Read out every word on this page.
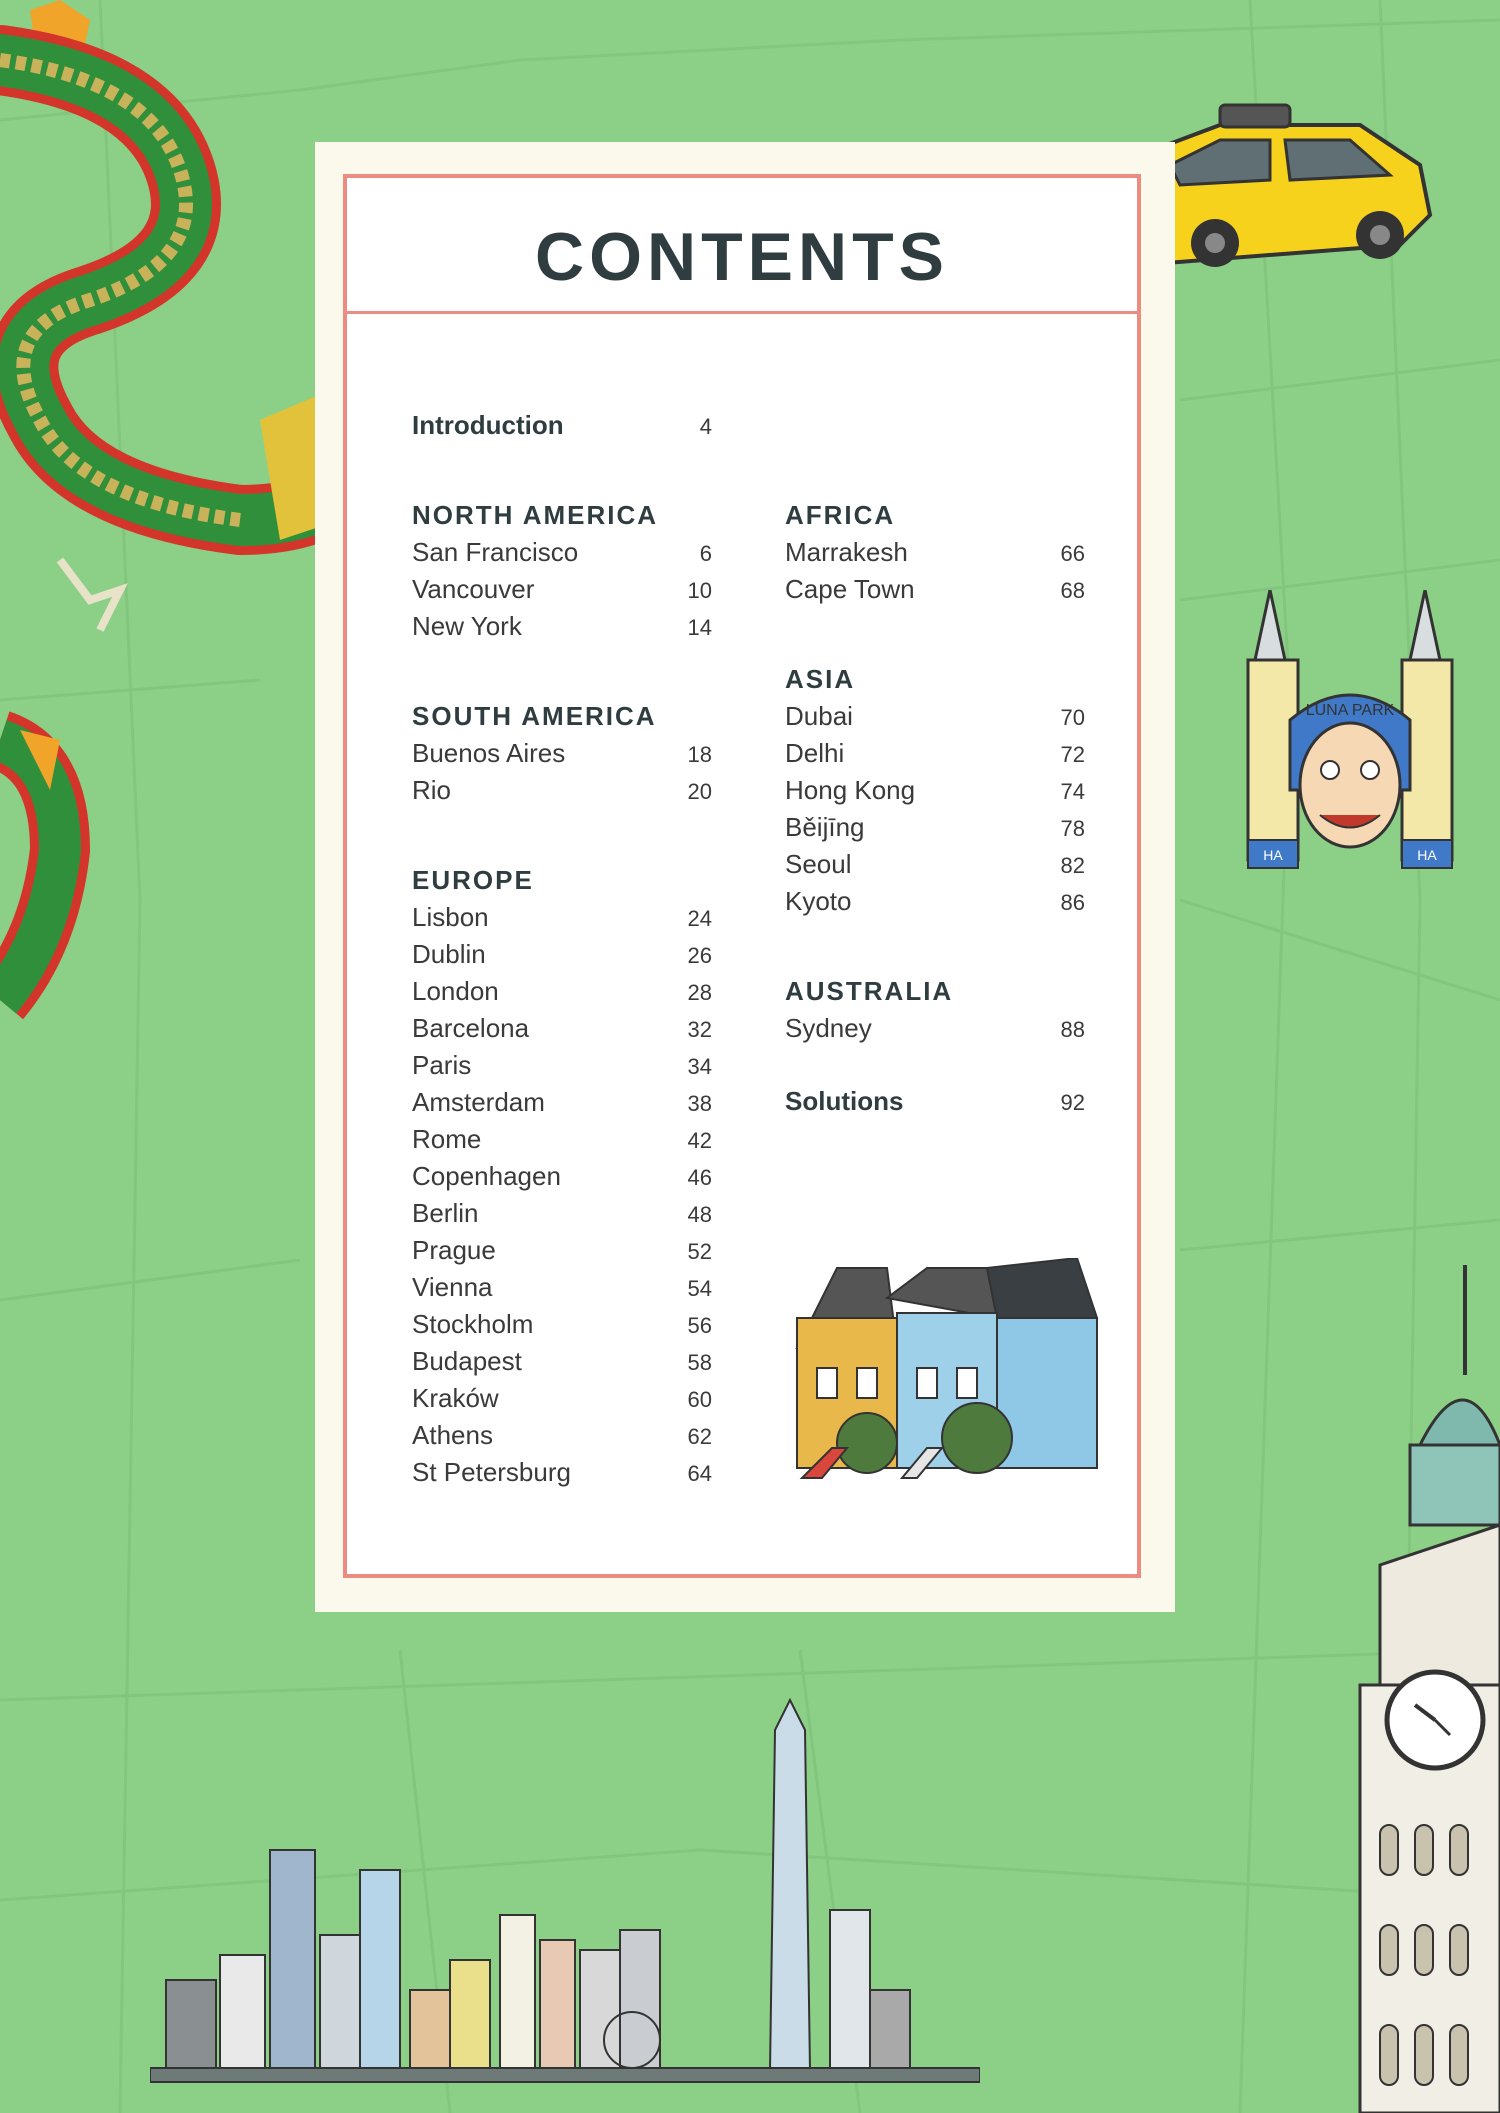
LUNA PARK
HA	HA
CONTENTS
Introduction	4
NORTH AMERICA
San Francisco	6
Vancouver	10
New York	14
SOUTH AMERICA
Buenos Aires	18
Rio	20
EUROPE
Lisbon	24
Dublin	26
London	28
Barcelona	32
Paris	34
Amsterdam	38
Rome	42
Copenhagen	46
Berlin	48
Prague	52
Vienna	54
Stockholm	56
Budapest	58
Kraków	60
Athens	62
St Petersburg	64
AFRICA
Marrakesh	66
Cape Town	68
ASIA
Dubai	70
Delhi	72
Hong Kong	74
Běijīng	78
Seoul	82
Kyoto	86
AUSTRALIA
Sydney	88
Solutions	92
